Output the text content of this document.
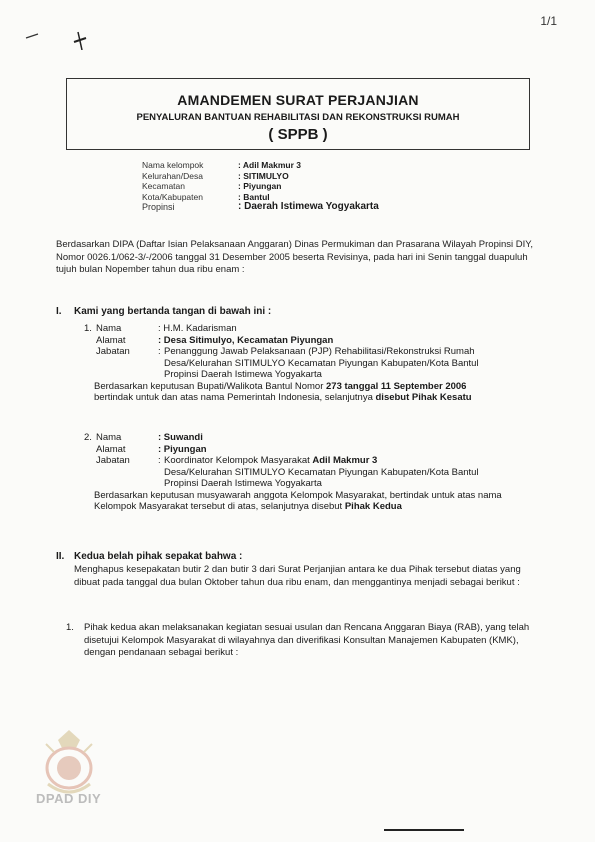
1/1
AMANDEMEN SURAT PERJANJIAN
PENYALURAN BANTUAN REHABILITASI DAN REKONSTRUKSI RUMAH
( SPPB )
Nama kelompok	: Adil Makmur 3
Kelurahan/Desa	: SITIMULYO
Kecamatan	: Piyungan
Kota/Kabupaten	: Bantul
Propinsi	: Daerah Istimewa Yogyakarta
Berdasarkan DIPA (Daftar Isian Pelaksanaan Anggaran) Dinas Permukiman dan Prasarana Wilayah Propinsi DIY, Nomor 0026.1/062-3/-/2006 tanggal 31 Desember 2005 beserta Revisinya, pada hari ini Senin tanggal duapuluh tujuh bulan Nopember tahun dua ribu enam :
I. Kami yang bertanda tangan di bawah ini :
1. Nama	: H.M. Kadarisman
Alamat	: Desa Sitimulyo, Kecamatan Piyungan
Jabatan	: Penanggung Jawab Pelaksanaan (PJP) Rehabilitasi/Rekonstruksi Rumah
Desa/Kelurahan SITIMULYO Kecamatan Piyungan Kabupaten/Kota Bantul
Propinsi Daerah Istimewa Yogyakarta
Berdasarkan keputusan Bupati/Walikota Bantul Nomor 273 tanggal 11 September 2006
bertindak untuk dan atas nama Pemerintah Indonesia, selanjutnya disebut Pihak Kesatu
2. Nama	: Suwandi
Alamat	: Piyungan
Jabatan	: Koordinator Kelompok Masyarakat Adil Makmur 3
Desa/Kelurahan SITIMULYO Kecamatan Piyungan Kabupaten/Kota Bantul
Propinsi Daerah Istimewa Yogyakarta
Berdasarkan keputusan musyawarah anggota Kelompok Masyarakat, bertindak untuk atas nama
Kelompok Masyarakat tersebut di atas, selanjutnya disebut Pihak Kedua
II. Kedua belah pihak sepakat bahwa :
Menghapus kesepakatan butir 2 dan butir 3 dari Surat Perjanjian antara ke dua Pihak tersebut diatas yang dibuat pada tanggal dua bulan Oktober tahun dua ribu enam, dan menggantinya menjadi sebagai berikut :
1. Pihak kedua akan melaksanakan kegiatan sesuai usulan dan Rencana Anggaran Biaya (RAB), yang telah disetujui Kelompok Masyarakat di wilayahnya dan diverifikasi Konsultan Manajemen Kabupaten (KMK), dengan pendanaan sebagai berikut :
DPAD DIY
